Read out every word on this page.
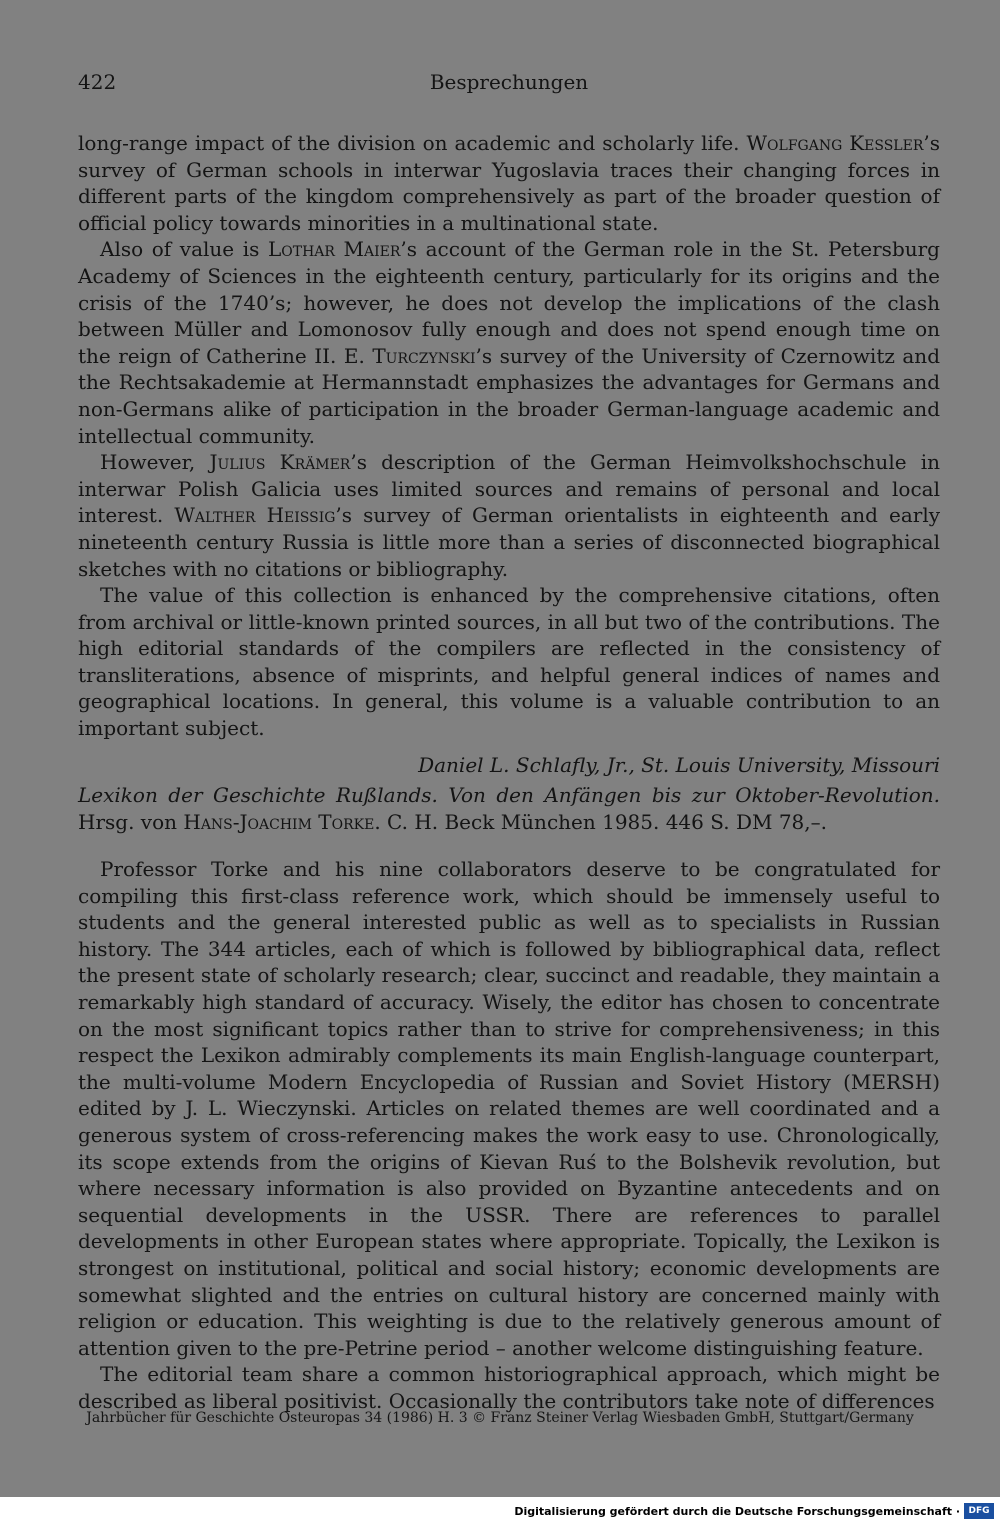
422	Besprechungen

long-range impact of the division on academic and scholarly life. Wolfgang Kessler’s survey of German schools in interwar Yugoslavia traces their changing forces in different parts of the kingdom comprehensively as part of the broader question of official policy towards minorities in a multinational state.

Also of value is Lothar Maier’s account of the German role in the St. Petersburg Academy of Sciences in the eighteenth century, particularly for its origins and the crisis of the 1740’s; however, he does not develop the implications of the clash between Müller and Lomonosov fully enough and does not spend enough time on the reign of Catherine II. E. Turczynski’s survey of the University of Czernowitz and the Rechtsakademie at Hermannstadt emphasizes the advantages for Germans and non-Germans alike of participation in the broader German-language academic and intellectual community.

However, Julius Krämer’s description of the German Heimvolkshochschule in interwar Polish Galicia uses limited sources and remains of personal and local interest. Walther Heissig’s survey of German orientalists in eighteenth and early nineteenth century Russia is little more than a series of disconnected biographical sketches with no citations or bibliography.

The value of this collection is enhanced by the comprehensive citations, often from archival or little-known printed sources, in all but two of the contributions. The high editorial standards of the compilers are reflected in the consistency of transliterations, absence of misprints, and helpful general indices of names and geographical locations. In general, this volume is a valuable contribution to an important subject.

Daniel L. Schlafly, Jr., St. Louis University, Missouri
Lexikon der Geschichte Rußlands. Von den Anfängen bis zur Oktober-Revolution. Hrsg. von Hans-Joachim Torke. C. H. Beck München 1985. 446 S. DM 78,–.

Professor Torke and his nine collaborators deserve to be congratulated for compiling this first-class reference work, which should be immensely useful to students and the general interested public as well as to specialists in Russian history. The 344 articles, each of which is followed by bibliographical data, reflect the present state of scholarly research; clear, succinct and readable, they maintain a remarkably high standard of accuracy. Wisely, the editor has chosen to concentrate on the most significant topics rather than to strive for comprehensiveness; in this respect the Lexikon admirably complements its main English-language counterpart, the multi-volume Modern Encyclopedia of Russian and Soviet History (MERSH) edited by J. L. Wieczynski. Articles on related themes are well coordinated and a generous system of cross-referencing makes the work easy to use. Chronologically, its scope extends from the origins of Kievan Ruś to the Bolshevik revolution, but where necessary information is also provided on Byzantine antecedents and on sequential developments in the USSR. There are references to parallel developments in other European states where appropriate. Topically, the Lexikon is strongest on institutional, political and social history; economic developments are somewhat slighted and the entries on cultural history are concerned mainly with religion or education. This weighting is due to the relatively generous amount of attention given to the pre-Petrine period – another welcome distinguishing feature.

The editorial team share a common historiographical approach, which might be described as liberal positivist. Occasionally the contributors take note of differences

Jahrbücher für Geschichte Osteuropas 34 (1986) H. 3 © Franz Steiner Verlag Wiesbaden GmbH, Stuttgart/Germany
Digitalisierung gefördert durch die Deutsche Forschungsgemeinschaft · DFG
